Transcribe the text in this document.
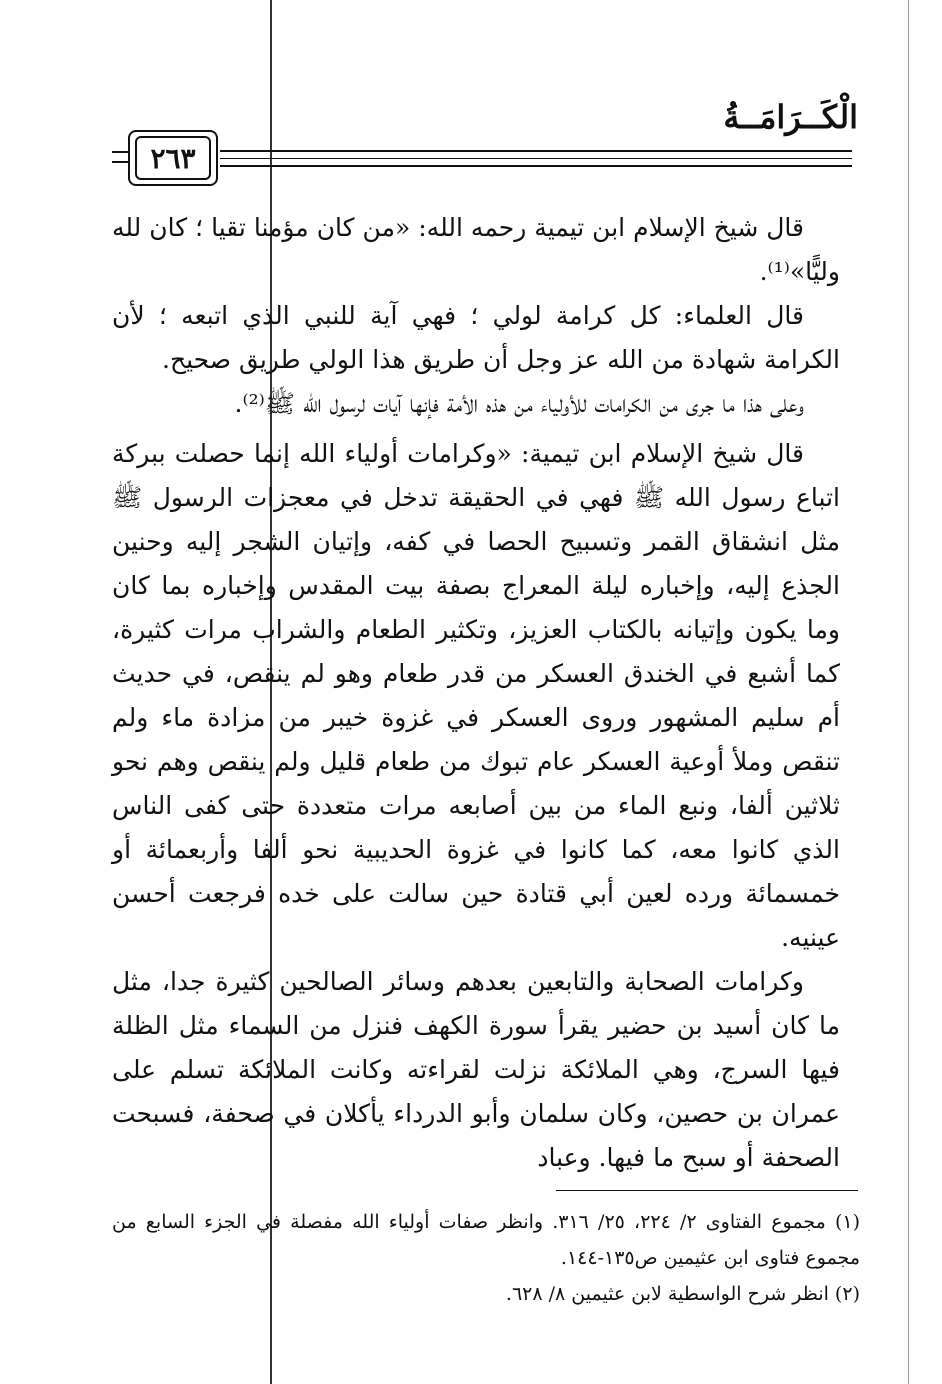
الْكَــرَامَــةُ
٢٦٣

قال شيخ الإسلام ابن تيمية رحمه الله: «من كان مؤمنا تقيا ؛ كان لله وليًّا»⁽¹⁾.

قال العلماء: كل كرامة لولي ؛ فهي آية للنبي الذي اتبعه ؛ لأن الكرامة شهادة من الله عز وجل أن طريق هذا الولي طريق صحيح.

وعلى هذا ما جرى من الكرامات للأولياء من هذه الأمة فإنها آيات لرسول الله ﷺ⁽²⁾.

قال شيخ الإسلام ابن تيمية: «وكرامات أولياء الله إنما حصلت ببركة اتباع رسول الله ﷺ فهي في الحقيقة تدخل في معجزات الرسول ﷺ مثل انشقاق القمر وتسبيح الحصا في كفه، وإتيان الشجر إليه وحنين الجذع إليه، وإخباره ليلة المعراج بصفة بيت المقدس وإخباره بما كان وما يكون وإتيانه بالكتاب العزيز، وتكثير الطعام والشراب مرات كثيرة، كما أشبع في الخندق العسكر من قدر طعام وهو لم ينقص، في حديث أم سليم المشهور وروى العسكر في غزوة خيبر من مزادة ماء ولم تنقص وملأ أوعية العسكر عام تبوك من طعام قليل ولم ينقص وهم نحو ثلاثين ألفا، ونبع الماء من بين أصابعه مرات متعددة حتى كفى الناس الذي كانوا معه، كما كانوا في غزوة الحديبية نحو ألفا وأربعمائة أو خمسمائة ورده لعين أبي قتادة حين سالت على خده فرجعت أحسن عينيه.

وكرامات الصحابة والتابعين بعدهم وسائر الصالحين كثيرة جدا، مثل ما كان أسيد بن حضير يقرأ سورة الكهف فنزل من السماء مثل الظلة فيها السرج، وهي الملائكة نزلت لقراءته وكانت الملائكة تسلم على عمران بن حصين، وكان سلمان وأبو الدرداء يأكلان في صحفة، فسبحت الصحفة أو سبح ما فيها. وعباد

(١) مجموع الفتاوى ٢/ ٢٢٤، ٢٥/ ٣١٦. وانظر صفات أولياء الله مفصلة في الجزء السابع من مجموع فتاوى ابن عثيمين ص١٣٥-١٤٤.

(٢) انظر شرح الواسطية لابن عثيمين ٨/ ٦٢٨.
